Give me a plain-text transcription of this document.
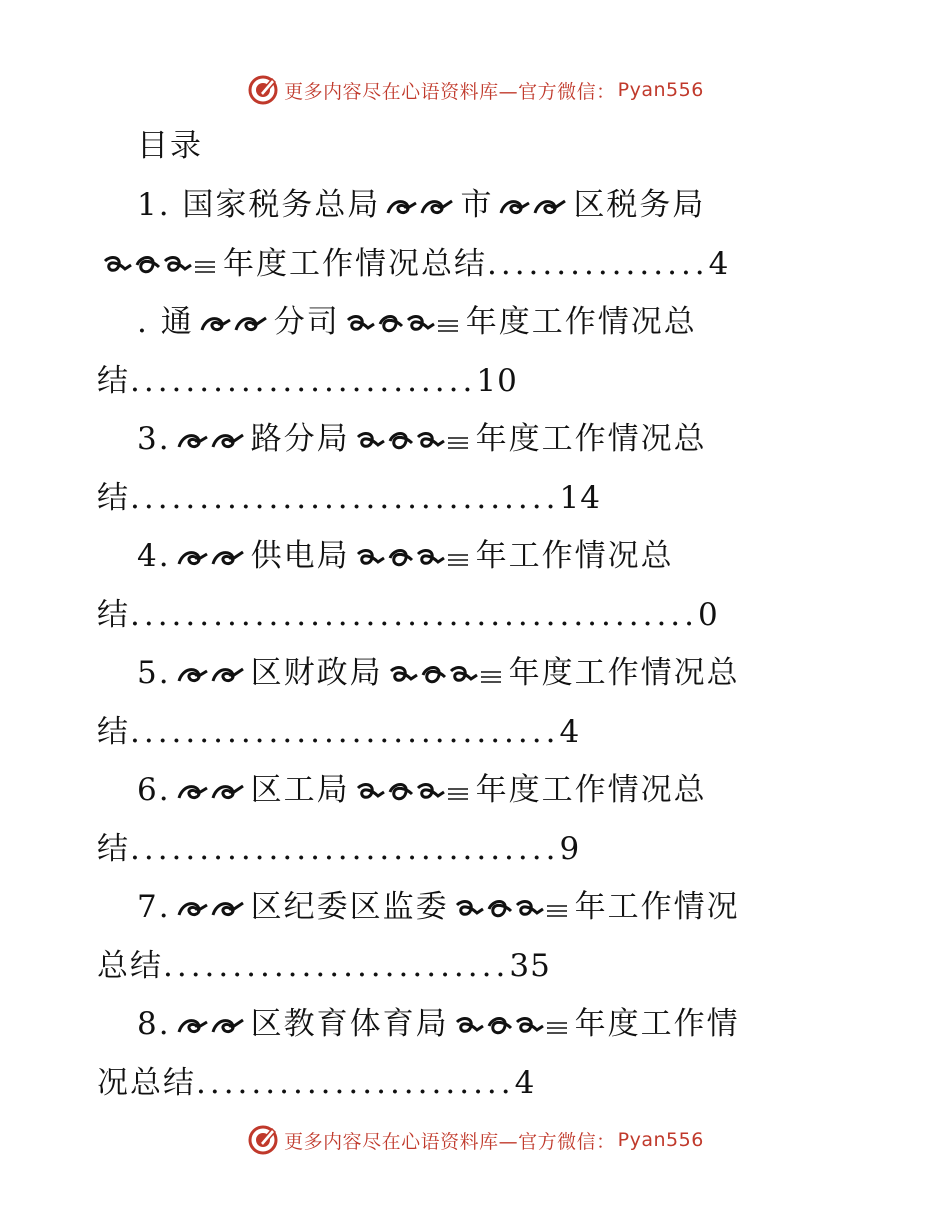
更多内容尽在心语资料库—官方微信： Pyan556
目录
1. 国家税务总局	市	区税务局
年度工作情况总结................4
. 通	分司	年度工作情况总
结.........................10
3.	路分局	年度工作情况总
结...............................14
4.	供电局	年工作情况总
结.........................................0
5.	区财政局	年度工作情况总
结...............................4
6.	区工局	年度工作情况总
结...............................9
7.	区纪委区监委	年工作情况
总结.........................35
8.	区教育体育局	年度工作情
况总结.......................4
更多内容尽在心语资料库—官方微信： Pyan556
